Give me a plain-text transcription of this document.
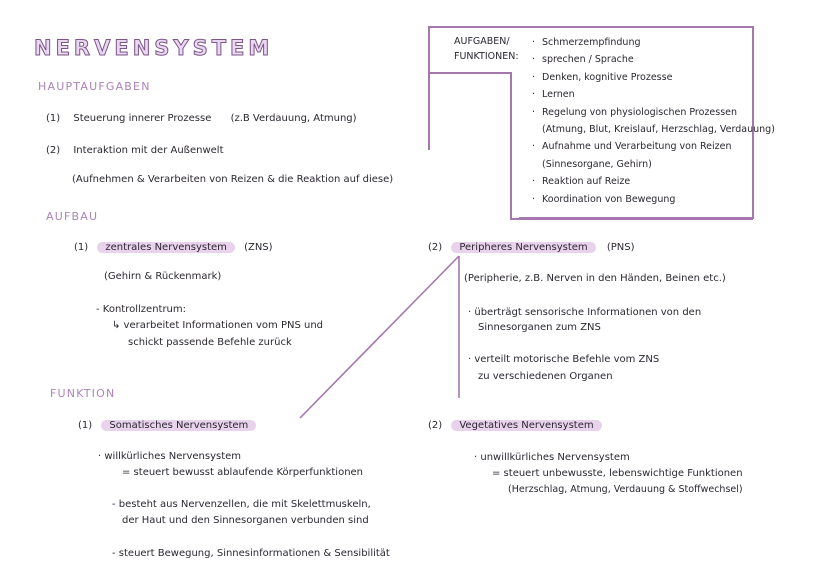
NERVENSYSTEM
HAUPTAUFGABEN
(1) Steuerung innerer Prozesse (z.B Verdauung, Atmung)
(2) Interaktion mit der Außenwelt
(Aufnehmen & Verarbeiten von Reizen & die Reaktion auf diese)
AUFGABEN/
FUNKTIONEN:
· Schmerzempfindung
· sprechen / Sprache
· Denken, kognitive Prozesse
· Lernen
· Regelung von physiologischen Prozessen
(Atmung, Blut, Kreislauf, Herzschlag, Verdauung)
· Aufnahme und Verarbeitung von Reizen
(Sinnesorgane, Gehirn)
· Reaktion auf Reize
· Koordination von Bewegung
AUFBAU
(1) zentrales Nervensystem (ZNS)
(Gehirn & Rückenmark)
- Kontrollzentrum:
↳ verarbeitet Informationen vom PNS und
schickt passende Befehle zurück
(2) Peripheres Nervensystem (PNS)
(Peripherie, z.B. Nerven in den Händen, Beinen etc.)
· überträgt sensorische Informationen von den
Sinnesorganen zum ZNS
· verteilt motorische Befehle vom ZNS
zu verschiedenen Organen
FUNKTION
(1) Somatisches Nervensystem
· willkürliches Nervensystem
= steuert bewusst ablaufende Körperfunktionen
- besteht aus Nervenzellen, die mit Skelettmuskeln,
der Haut und den Sinnesorganen verbunden sind
- steuert Bewegung, Sinnesinformationen & Sensibilität
(2) Vegetatives Nervensystem
· unwillkürliches Nervensystem
= steuert unbewusste, lebenswichtige Funktionen
(Herzschlag, Atmung, Verdauung & Stoffwechsel)
